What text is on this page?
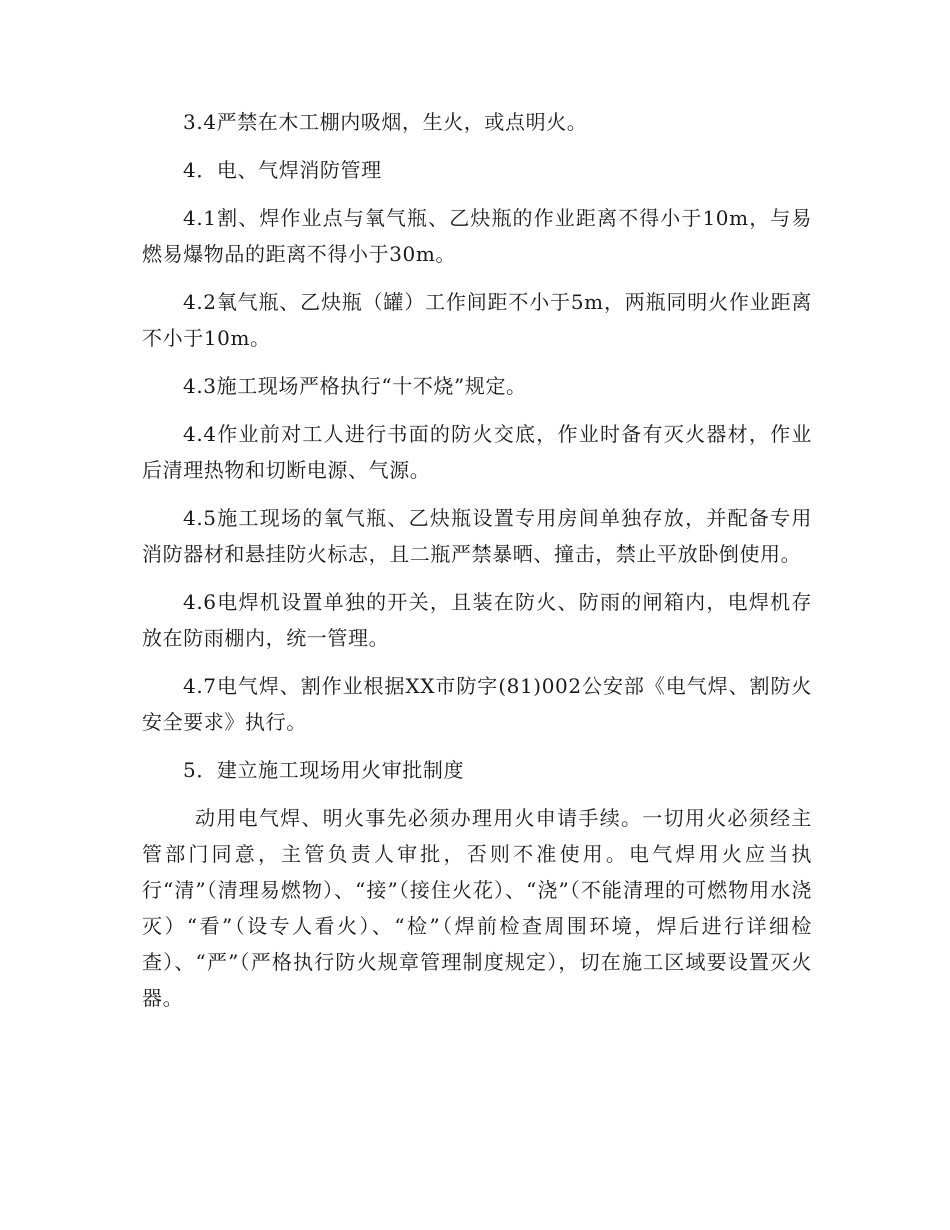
3.4严禁在木工棚内吸烟，生火，或点明火。

4．电、气焊消防管理

4.1割、焊作业点与氧气瓶、乙炔瓶的作业距离不得小于10m，与易燃易爆物品的距离不得小于30m。

4.2氧气瓶、乙炔瓶（罐）工作间距不小于5m，两瓶同明火作业距离不小于10m。

4.3施工现场严格执行“十不烧”规定。

4.4作业前对工人进行书面的防火交底，作业时备有灭火器材，作业后清理热物和切断电源、气源。

4.5施工现场的氧气瓶、乙炔瓶设置专用房间单独存放，并配备专用消防器材和悬挂防火标志，且二瓶严禁暴晒、撞击，禁止平放卧倒使用。

4.6电焊机设置单独的开关，且装在防火、防雨的闸箱内，电焊机存放在防雨棚内，统一管理。

4.7电气焊、割作业根据XX市防字(81)002公安部《电气焊、割防火安全要求》执行。

5．建立施工现场用火审批制度

动用电气焊、明火事先必须办理用火申请手续。一切用火必须经主管部门同意，主管负责人审批，否则不准使用。电气焊用火应当执行“清”（清理易燃物）、“接”（接住火花）、“浇”（不能清理的可燃物用水浇灭）“看”（设专人看火）、“检”（焊前检查周围环境，焊后进行详细检查）、“严”（严格执行防火规章管理制度规定），切在施工区域要设置灭火器。
